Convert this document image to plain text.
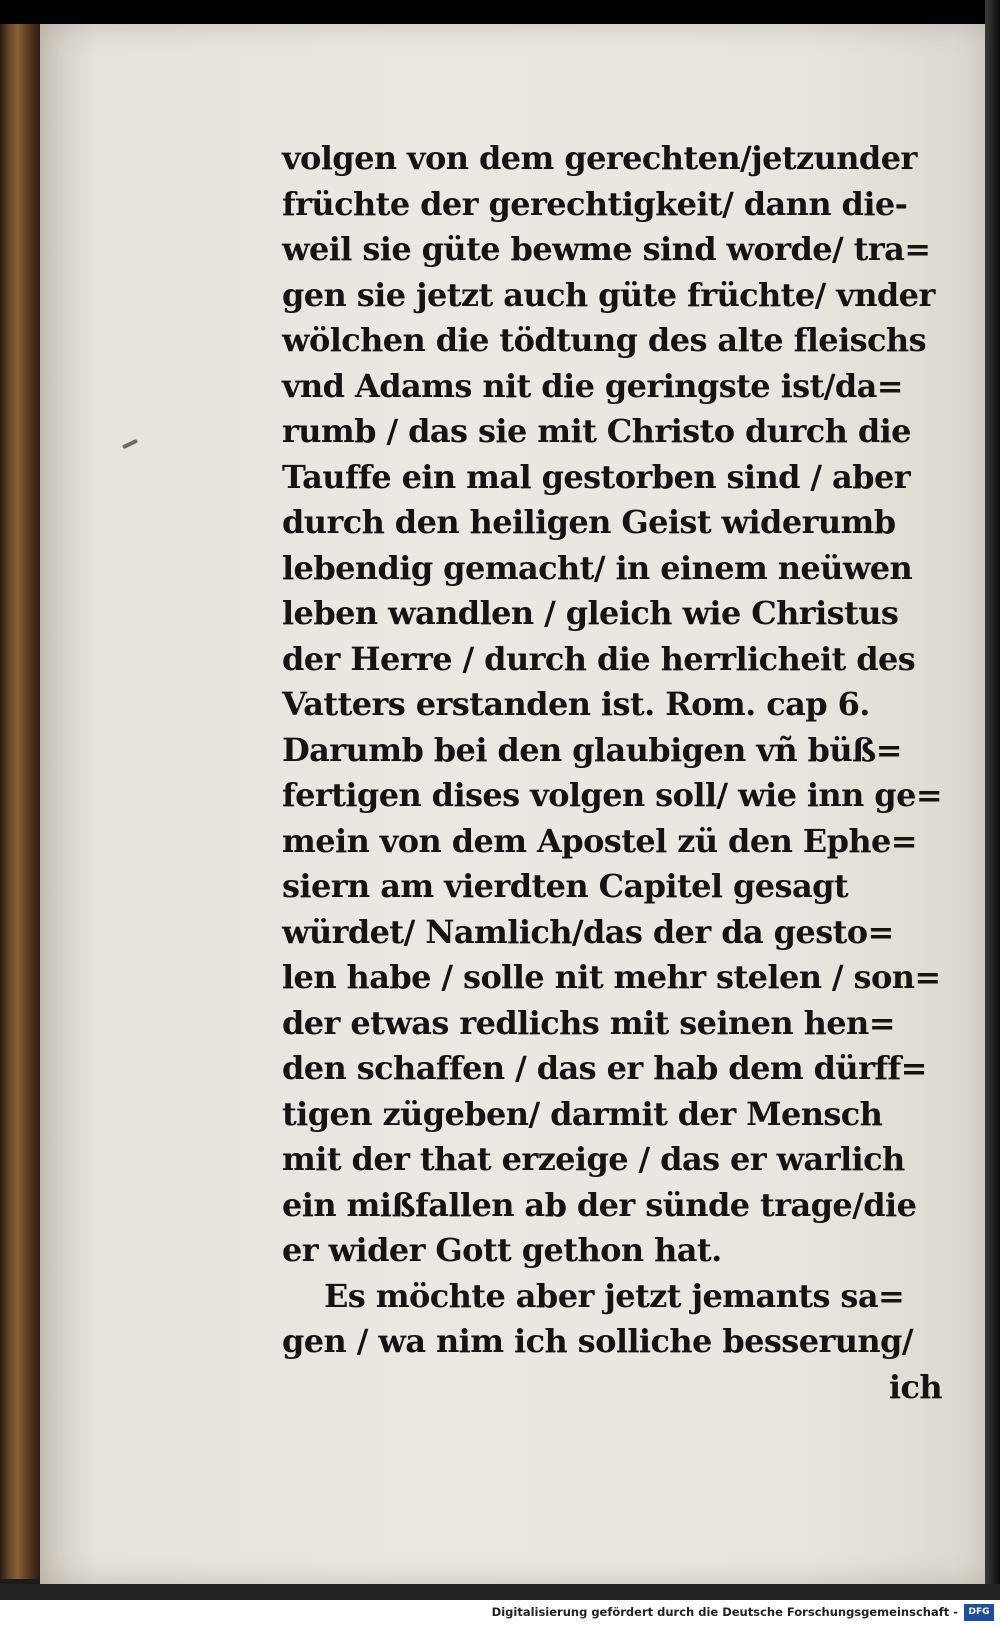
volgen von dem gerechten/jetzunder
früchte der gerechtigkeit/ dann die-
weil sie güte bewme sind worde/ tra=
gen sie jetzt auch güte früchte/ vnder
wölchen die tödtung des alte fleischs
vnd Adams nit die geringste ist/da=
rumb / das sie mit Christo durch die
Tauffe ein mal gestorben sind / aber
durch den heiligen Geist widerumb
lebendig gemacht/ in einem neüwen
leben wandlen / gleich wie Christus
der Herre / durch die herrlicheit des
Vatters erstanden ist. Rom. cap 6.
Darumb bei den glaubigen vñ büß=
fertigen dises volgen soll/ wie inn ge=
mein von dem Apostel zü den Ephe=
siern am vierdten Capitel gesagt
würdet/ Namlich/das der da gesto=
len habe / solle nit mehr stelen / son=
der etwas redlichs mit seinen hen=
den schaffen / das er hab dem dürff=
tigen zügeben/ darmit der Mensch
mit der that erzeige / das er warlich
ein mißfallen ab der sünde trage/die
er wider Gott gethon hat.
Es möchte aber jetzt jemants sa=
gen / wa nim ich solliche besserung/
ich
Digitalisierung gefördert durch die Deutsche Forschungsgemeinschaft -	DFG
